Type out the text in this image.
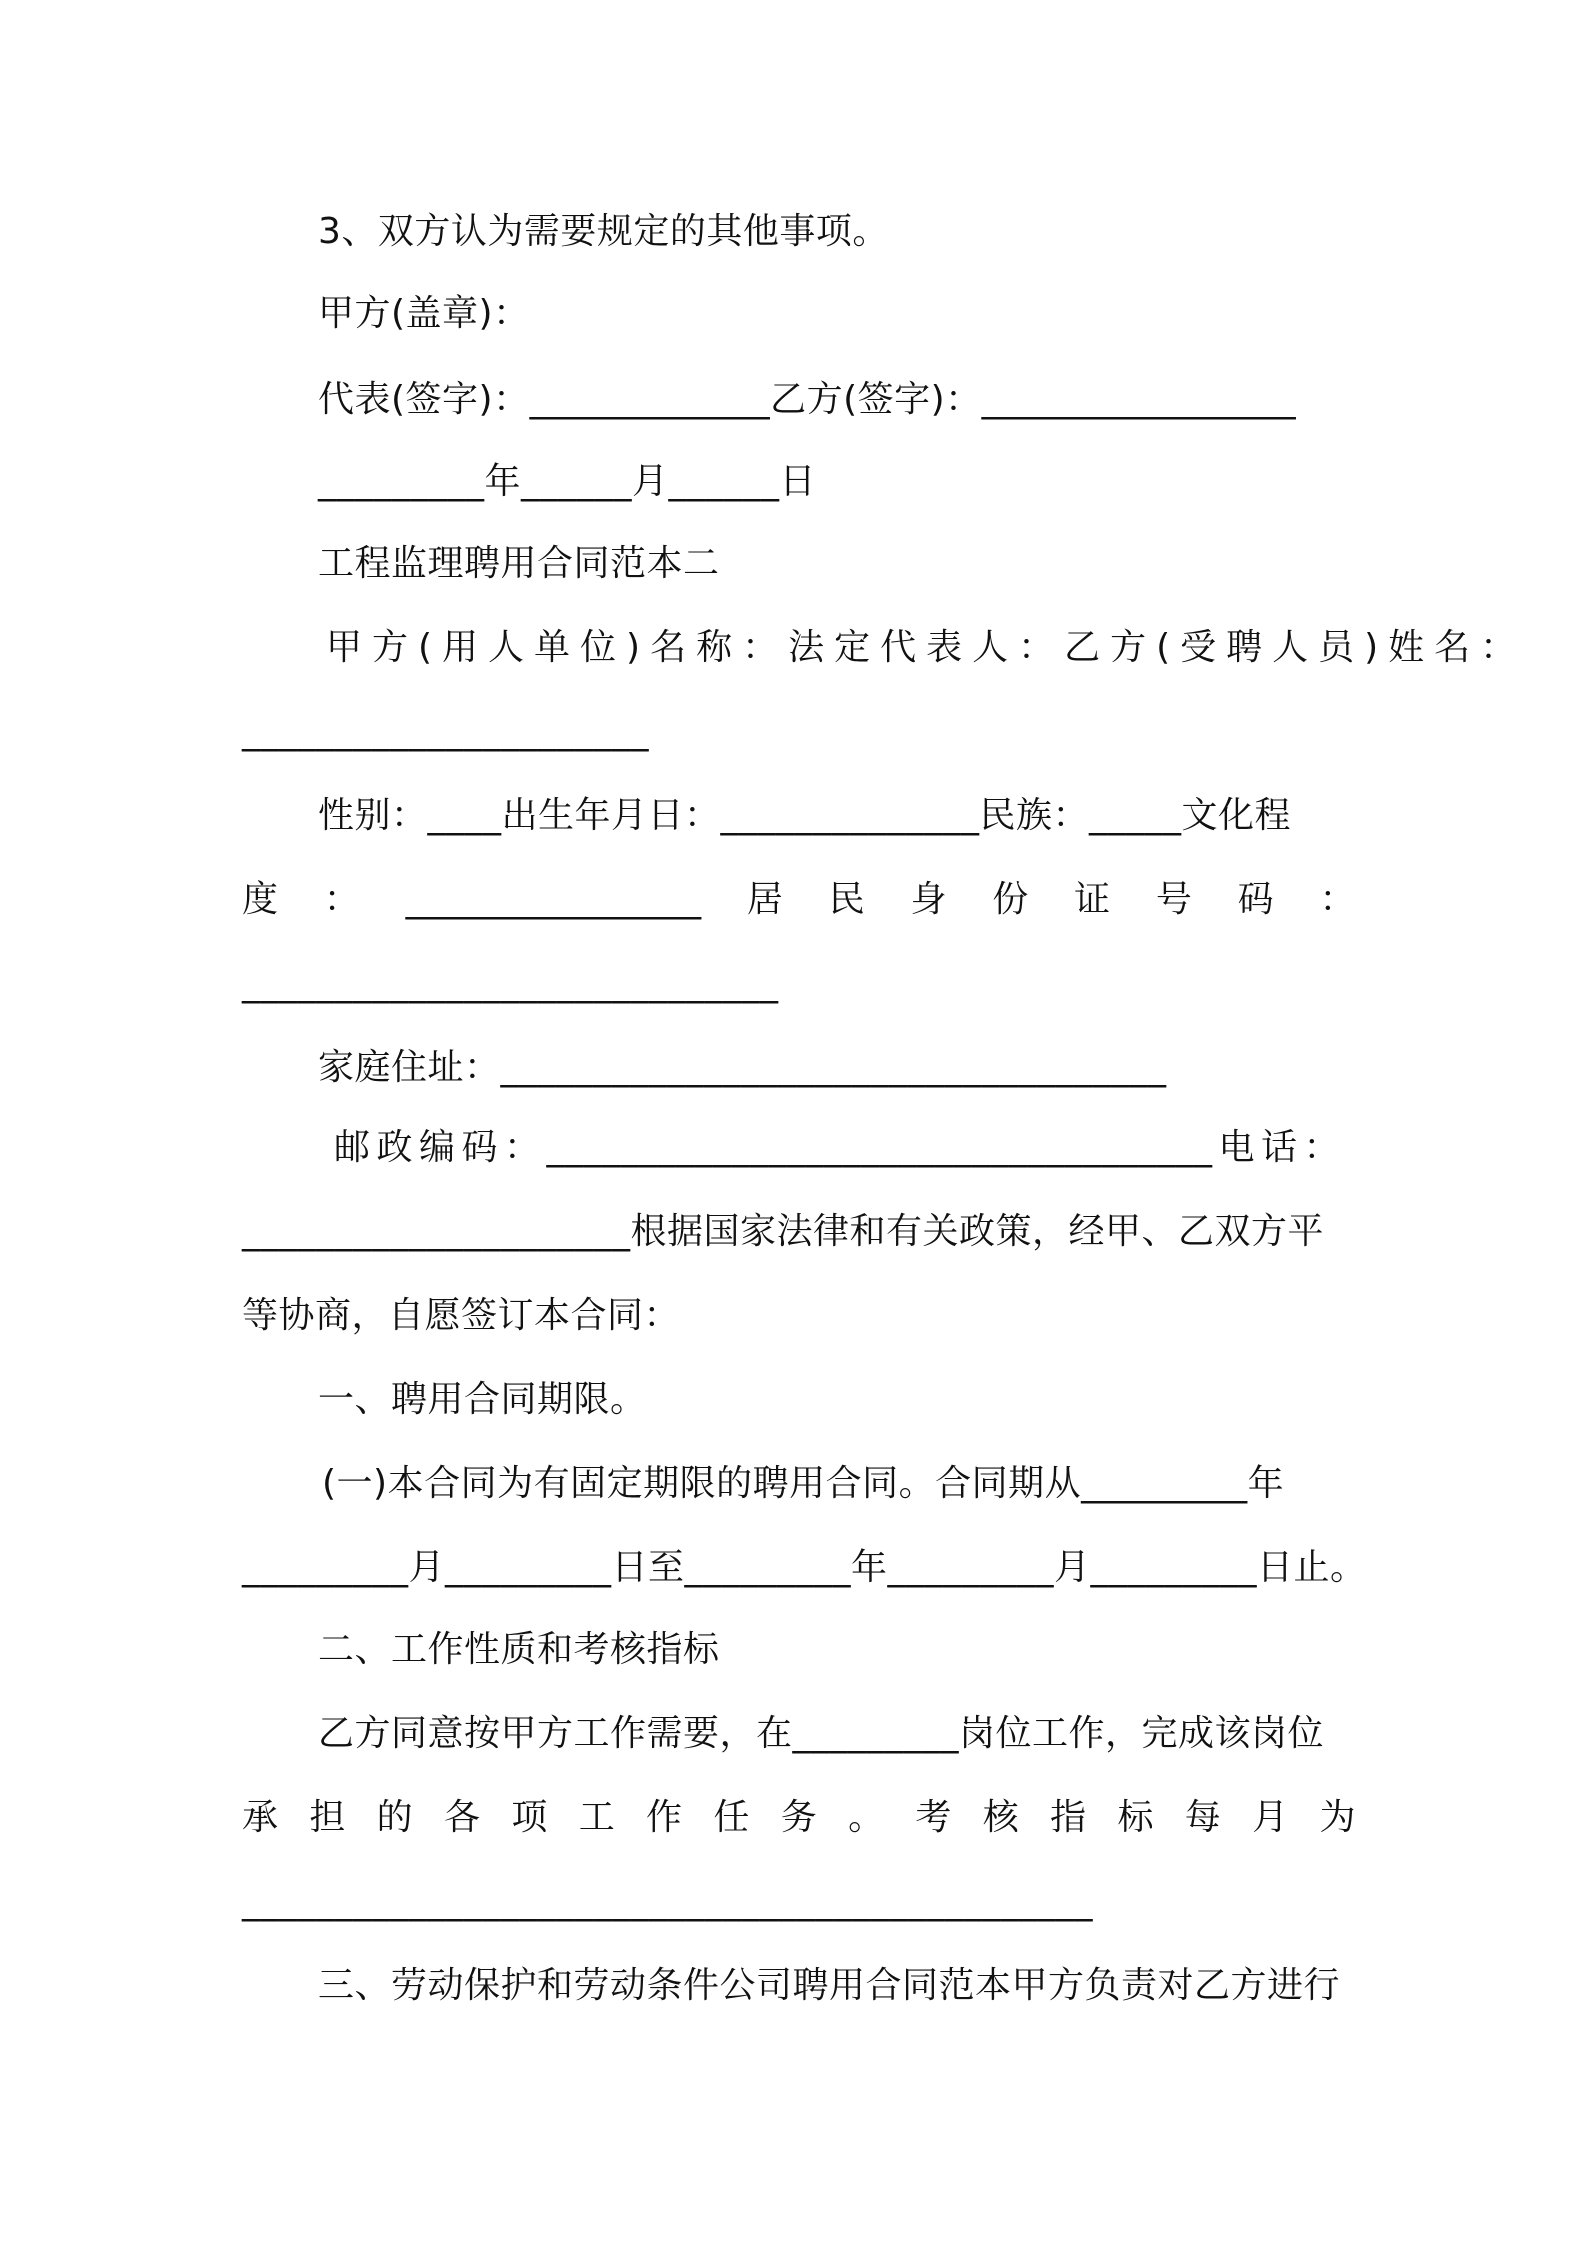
3、双方认为需要规定的其他事项。
甲方(盖章)：
代表(签字)：_____________乙方(签字)：_________________
_________年______月______日
工程监理聘用合同范本二
甲方(用人单位)名称：法定代表人：乙方(受聘人员)姓名：
______________________
性别：____出生年月日：______________民族：_____文化程
度：________________居民身份证号码：
_____________________________
家庭住址：____________________________________
邮政编码：____________________________________电话：
_____________________根据国家法律和有关政策，经甲、乙双方平
等协商，自愿签订本合同：
一、聘用合同期限。
(一)本合同为有固定期限的聘用合同。合同期从_________年
_________月_________日至_________年_________月_________日止。
二、工作性质和考核指标
乙方同意按甲方工作需要，在_________岗位工作，完成该岗位
承担的各项工作任务。考核指标每月为
______________________________________________
三、劳动保护和劳动条件公司聘用合同范本甲方负责对乙方进行
